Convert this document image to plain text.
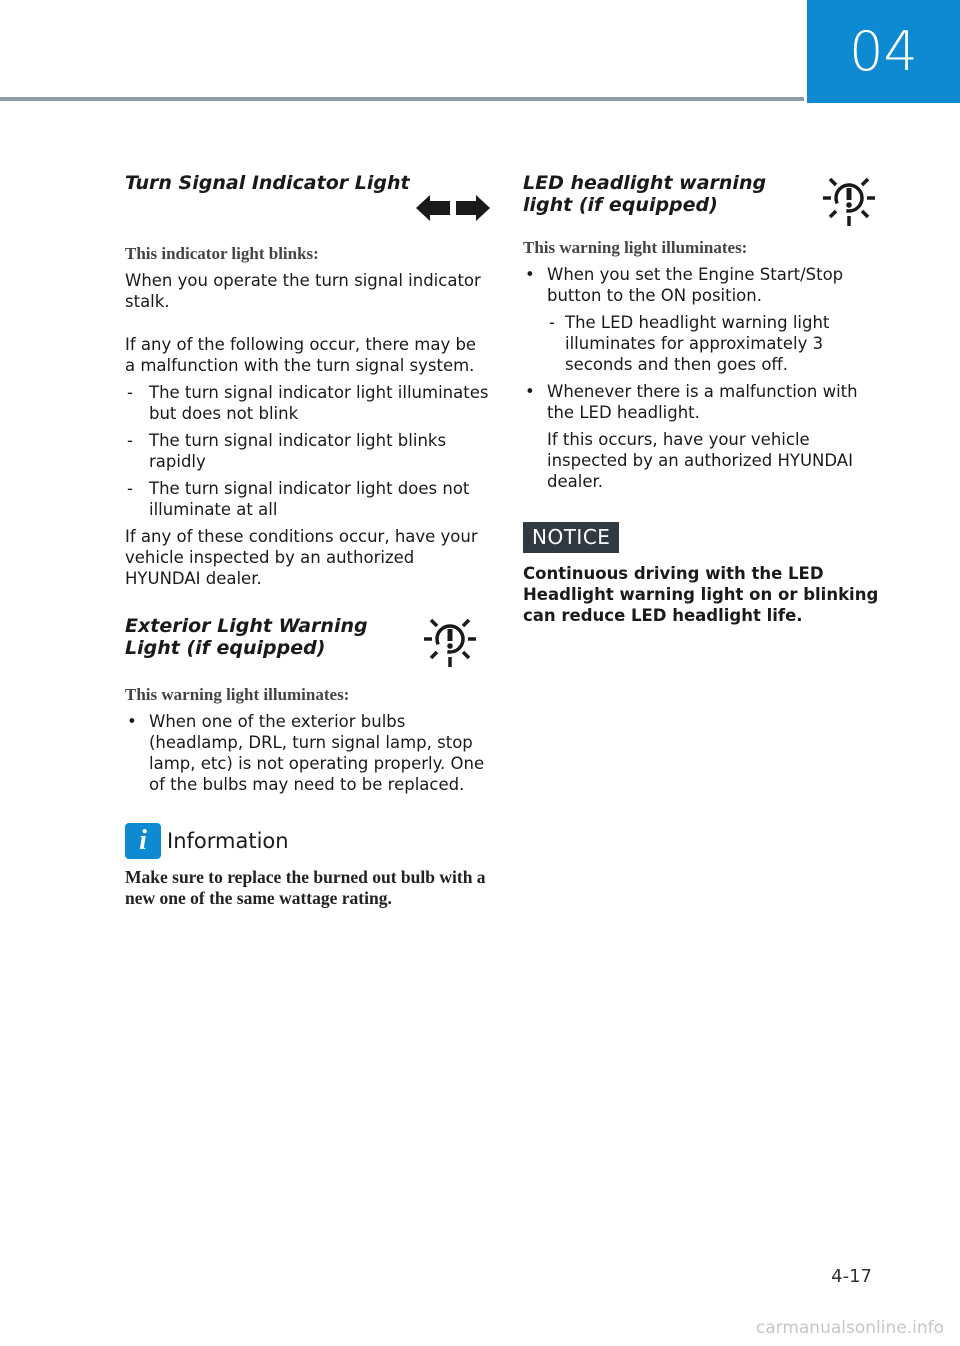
04
Turn Signal Indicator Light

This indicator light blinks:

When you operate the turn signal indicator stalk.

If any of the following occur, there may be a malfunction with the turn signal system.

- The turn signal indicator light illuminates but does not blink
- The turn signal indicator light blinks rapidly
- The turn signal indicator light does not illuminate at all

If any of these conditions occur, have your vehicle inspected by an authorized HYUNDAI dealer.

Exterior Light Warning Light (if equipped)

This warning light illuminates:

• When one of the exterior bulbs (headlamp, DRL, turn signal lamp, stop lamp, etc) is not operating properly. One of the bulbs may need to be replaced.
i Information

Make sure to replace the burned out bulb with a new one of the same wattage rating.

LED headlight warning light (if equipped)

This warning light illuminates:

• When you set the Engine Start/Stop button to the ON position.
- The LED headlight warning light illuminates for approximately 3 seconds and then goes off.
• Whenever there is a malfunction with the LED headlight.
If this occurs, have your vehicle inspected by an authorized HYUNDAI dealer.
NOTICE

Continuous driving with the LED Headlight warning light on or blinking can reduce LED headlight life.

4-17
carmanualsonline.info
